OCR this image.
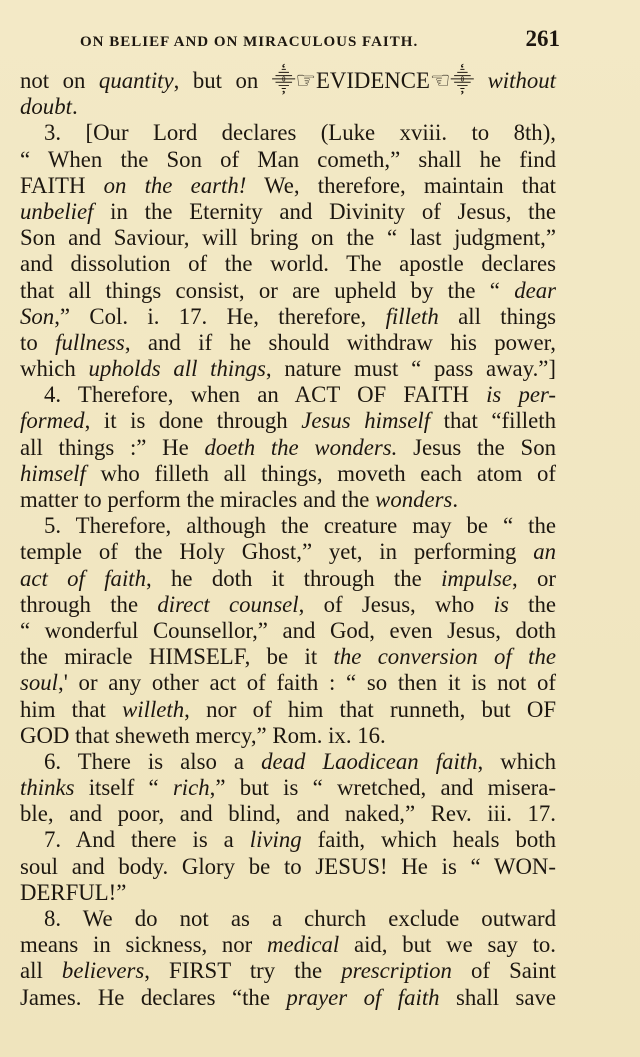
ON BELIEF AND ON MIRACULOUS FAITH.	261
not on quantity, but on ⸎☞EVIDENCE☜⸎ without
doubt.
3. [Our Lord declares (Luke xviii. to 8th),
“ When the Son of Man cometh,” shall he find
FAITH on the earth! We, therefore, maintain that
unbelief in the Eternity and Divinity of Jesus, the
Son and Saviour, will bring on the “ last judgment,”
and dissolution of the world. The apostle declares
that all things consist, or are upheld by the “ dear
Son,” Col. i. 17. He, therefore, filleth all things
to fullness, and if he should withdraw his power,
which upholds all things, nature must “ pass away.”]
4. Therefore, when an ACT OF FAITH is per-
formed, it is done through Jesus himself that “filleth
all things :” He doeth the wonders. Jesus the Son
himself who filleth all things, moveth each atom of
matter to perform the miracles and the wonders.
5. Therefore, although the creature may be “ the
temple of the Holy Ghost,” yet, in performing an
act of faith, he doth it through the impulse, or
through the direct counsel, of Jesus, who is the
“ wonderful Counsellor,” and God, even Jesus, doth
the miracle HIMSELF, be it the conversion of the
soul,' or any other act of faith : “ so then it is not of
him that willeth, nor of him that runneth, but OF
GOD that sheweth mercy,” Rom. ix. 16.
6. There is also a dead Laodicean faith, which
thinks itself “ rich,” but is “ wretched, and misera-
ble, and poor, and blind, and naked,” Rev. iii. 17.
7. And there is a living faith, which heals both
soul and body. Glory be to JESUS! He is “ WON-
DERFUL!”
8. We do not as a church exclude outward
means in sickness, nor medical aid, but we say to.
all believers, FIRST try the prescription of Saint
James. He declares “the prayer of faith shall save
